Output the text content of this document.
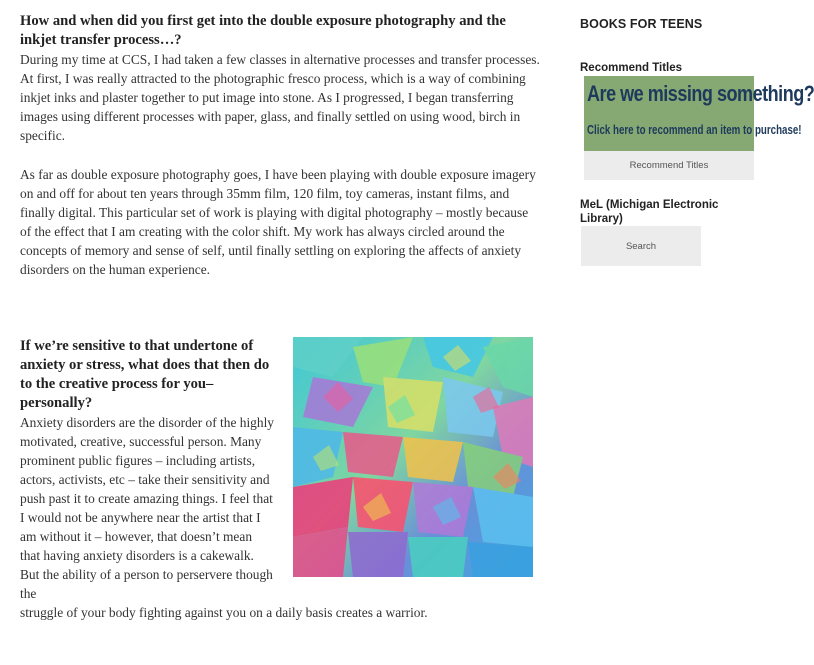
How and when did you first get into the double exposure photography and the inkjet transfer process…?

During my time at CCS, I had taken a few classes in alternative processes and transfer processes. At first, I was really attracted to the photographic fresco process, which is a way of combining inkjet inks and plaster together to put image into stone. As I progressed, I began transferring images using different processes with paper, glass, and finally settled on using wood, birch in specific.

As far as double exposure photography goes, I have been playing with double exposure imagery on and off for about ten years through 35mm film, 120 film, toy cameras, instant films, and finally digital. This particular set of work is playing with digital photography – mostly because of the effect that I am creating with the color shift. My work has always circled around the concepts of memory and sense of self, until finally settling on exploring the affects of anxiety disorders on the human experience.

If we’re sensitive to that undertone of anxiety or stress, what does that then do to the creative process for you–personally?

Anxiety disorders are the disorder of the highly motivated, creative, successful person. Many prominent public figures – including artists, actors, activists, etc – take their sensitivity and push past it to create amazing things. I feel that I would not be anywhere near the artist that I am without it – however, that doesn’t mean that having anxiety disorders is a cakewalk. But the ability of a person to perservere though the

struggle of your body fighting against you on a daily basis creates a warrior.

BOOKS FOR TEENS
Recommend Titles
Are we missing something?
Click here to recommend an item to purchase!
Recommend Titles
MeL (Michigan Electronic Library)
Search
